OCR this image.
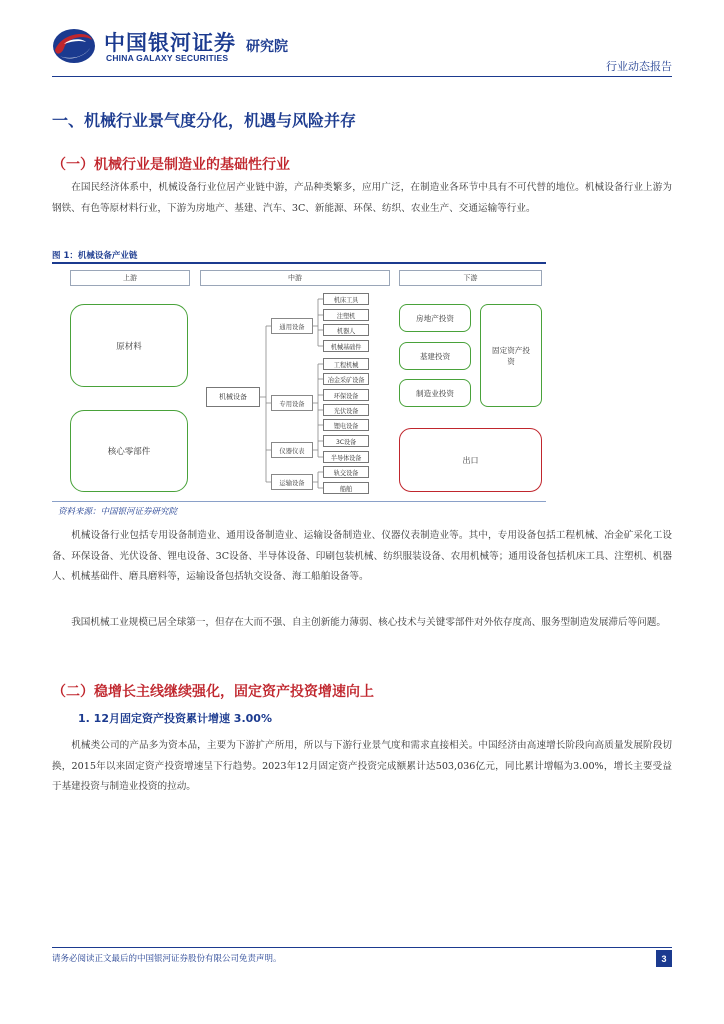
中国银河证券
CHINA GALAXY SECURITIES
研究院
行业动态报告
一、机械行业景气度分化，机遇与风险并存
（一）机械行业是制造业的基础性行业
在国民经济体系中，机械设备行业位居产业链中游，产品种类繁多，应用广泛，在制造业各环节中具有不可代替的地位。机械设备行业上游为钢铁、有色等原材料行业，下游为房地产、基建、汽车、3C、新能源、环保、纺织、农业生产、交通运输等行业。
图 1：机械设备产业链
上游	中游	下游
原材料
核心零部件
机械设备
通用设备
专用设备
仪器仪表
运输设备
机床工具
注塑机
机器人
机械基础件
工程机械
冶金采矿设备
环保设备
光伏设备
锂电设备
3C设备
半导体设备
轨交设备
船舶
房地产投资
基建投资
制造业投资
固定资产投资
出口
资料来源：中国银河证券研究院
机械设备行业包括专用设备制造业、通用设备制造业、运输设备制造业、仪器仪表制造业等。其中，专用设备包括工程机械、冶金矿采化工设备、环保设备、光伏设备、锂电设备、3C设备、半导体设备、印刷包装机械、纺织服装设备、农用机械等；通用设备包括机床工具、注塑机、机器人、机械基础件、磨具磨料等，运输设备包括轨交设备、海工船舶设备等。
我国机械工业规模已居全球第一，但存在大而不强、自主创新能力薄弱、核心技术与关键零部件对外依存度高、服务型制造发展滞后等问题。
（二）稳增长主线继续强化，固定资产投资增速向上
1. 12月固定资产投资累计增速 3.00%
机械类公司的产品多为资本品，主要为下游扩产所用，所以与下游行业景气度和需求直接相关。中国经济由高速增长阶段向高质量发展阶段切换，2015年以来固定资产投资增速呈下行趋势。2023年12月固定资产投资完成额累计达503,036亿元，同比累计增幅为3.00%，增长主要受益于基建投资与制造业投资的拉动。
请务必阅读正文最后的中国银河证券股份有限公司免责声明。	3
